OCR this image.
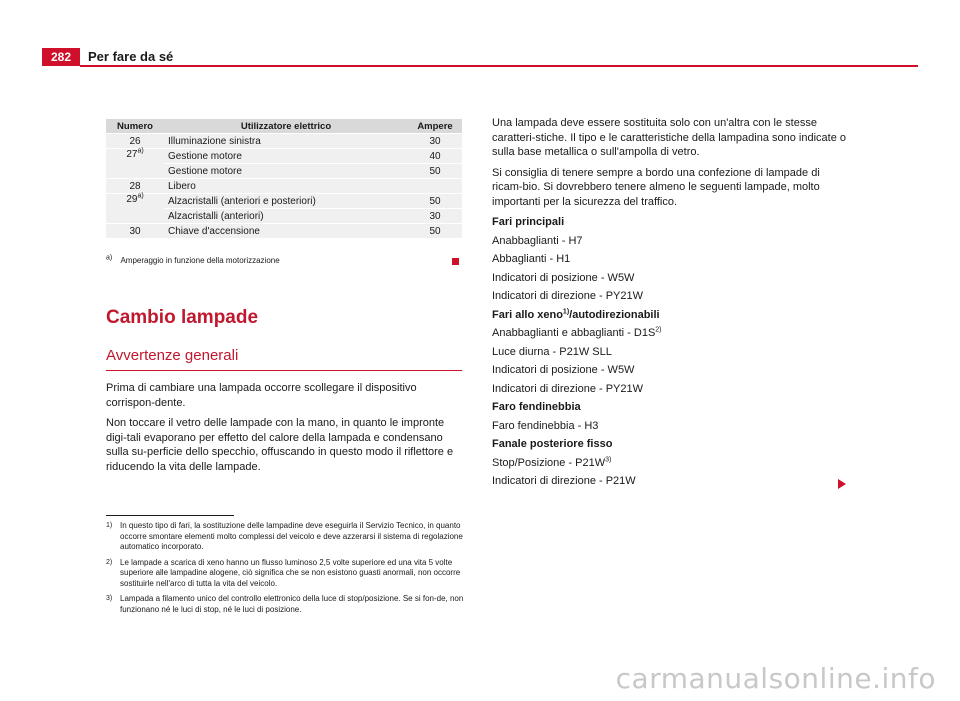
282	Per fare da sé
Numero	Utilizzatore elettrico	Ampere
26	Illuminazione sinistra	30
27$^{a)}$	Gestione motore	40
	Gestione motore	50
28	Libero	
29$^{a)}$	Alzacristalli (anteriori e posteriori)	50
	Alzacristalli (anteriori)	30
30	Chiave d'accensione	50
$^{a)}$ Amperaggio in funzione della motorizzazione
Cambio lampade
Avvertenze generali

Prima di cambiare una lampada occorre scollegare il dispositivo corrispon-dente.

Non toccare il vetro delle lampade con la mano, in quanto le impronte digi-tali evaporano per effetto del calore della lampada e condensano sulla su-perficie dello specchio, offuscando in questo modo il riflettore e riducendo la vita delle lampade.

Una lampada deve essere sostituita solo con un'altra con le stesse caratteri-stiche. Il tipo e le caratteristiche della lampadina sono indicate o sulla base metallica o sull'ampolla di vetro.

Si consiglia di tenere sempre a bordo una confezione di lampade di ricam-bio. Si dovrebbero tenere almeno le seguenti lampade, molto importanti per la sicurezza del traffico.

Fari principali
Anabbaglianti - H7
Abbaglianti - H1
Indicatori di posizione - W5W
Indicatori di direzione - PY21W
Fari allo xeno$^{1)}$/autodirezionabili
Anabbaglianti e abbaglianti - $D1S^{2)}$
Luce diurna - P21W SLL
Indicatori di posizione - W5W
Indicatori di direzione - PY21W
Faro fendinebbia
Faro fendinebbia - H3
Fanale posteriore fisso
Stop/Posizione - $P21W^{3)}$
Indicatori di direzione - P21W
1) In questo tipo di fari, la sostituzione delle lampadine deve eseguirla il Servizio Tecnico, in quanto occorre smontare elementi molto complessi del veicolo e deve azzerarsi il sistema di regolazione automatico incorporato.
2) Le lampade a scarica di xeno hanno un flusso luminoso 2,5 volte superiore ed una vita 5 volte superiore alle lampadine alogene, ciò significa che se non esistono guasti anormali, non occorre sostituirle nell'arco di tutta la vita del veicolo.
3) Lampada a filamento unico del controllo elettronico della luce di stop/posizione. Se si fon-de, non funzionano né le luci di stop, né le luci di posizione.
carmanualsonline.info
